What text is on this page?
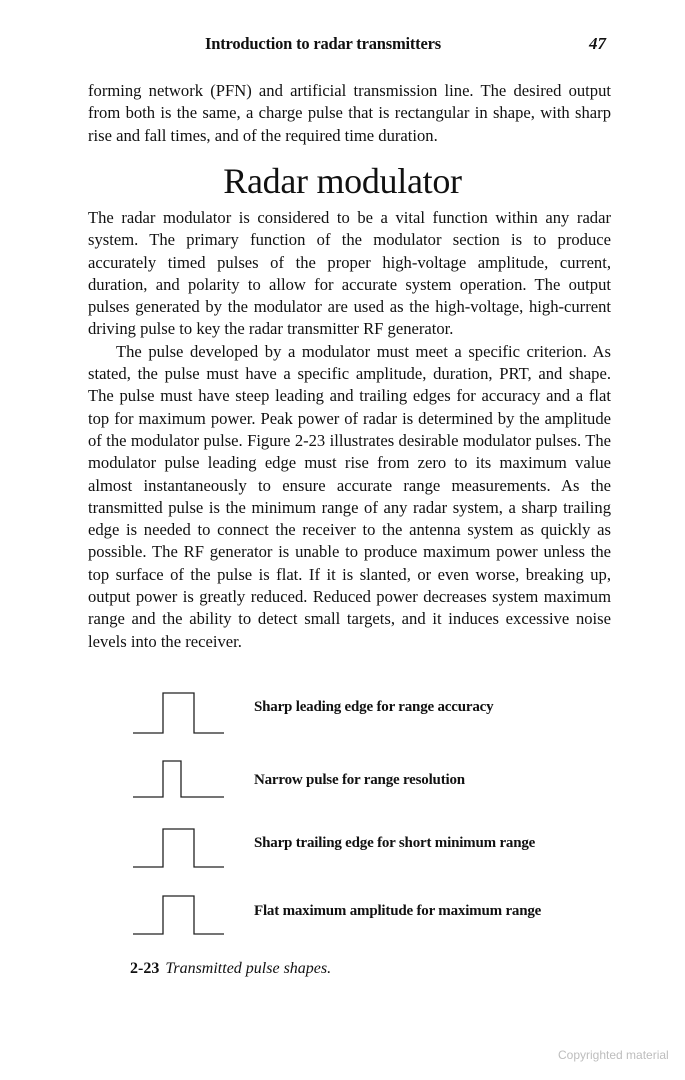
Introduction to radar transmitters	47
forming network (PFN) and artificial transmission line. The desired output from both is the same, a charge pulse that is rectangular in shape, with sharp rise and fall times, and of the required time duration.
Radar modulator

The radar modulator is considered to be a vital function within any radar system. The primary function of the modulator section is to produce accurately timed pulses of the proper high-voltage amplitude, current, duration, and polarity to allow for accurate system operation. The output pulses generated by the modulator are used as the high-voltage, high-current driving pulse to key the radar transmitter RF generator.

The pulse developed by a modulator must meet a specific criterion. As stated, the pulse must have a specific amplitude, duration, PRT, and shape. The pulse must have steep leading and trailing edges for accuracy and a flat top for maximum power. Peak power of radar is determined by the amplitude of the modulator pulse. Figure 2-23 illustrates desirable modulator pulses. The modulator pulse leading edge must rise from zero to its maximum value almost instantaneously to ensure accurate range measurements. As the transmitted pulse is the minimum range of any radar system, a sharp trailing edge is needed to connect the receiver to the antenna system as quickly as possible. The RF generator is unable to produce maximum power unless the top surface of the pulse is flat. If it is slanted, or even worse, breaking up, output power is greatly reduced. Reduced power decreases system maximum range and the ability to detect small targets, and it induces excessive noise levels into the receiver.

Sharp leading edge for range accuracy
Narrow pulse for range resolution
Sharp trailing edge for short minimum range
Flat maximum amplitude for maximum range
2-23 Transmitted pulse shapes.
Copyrighted material
